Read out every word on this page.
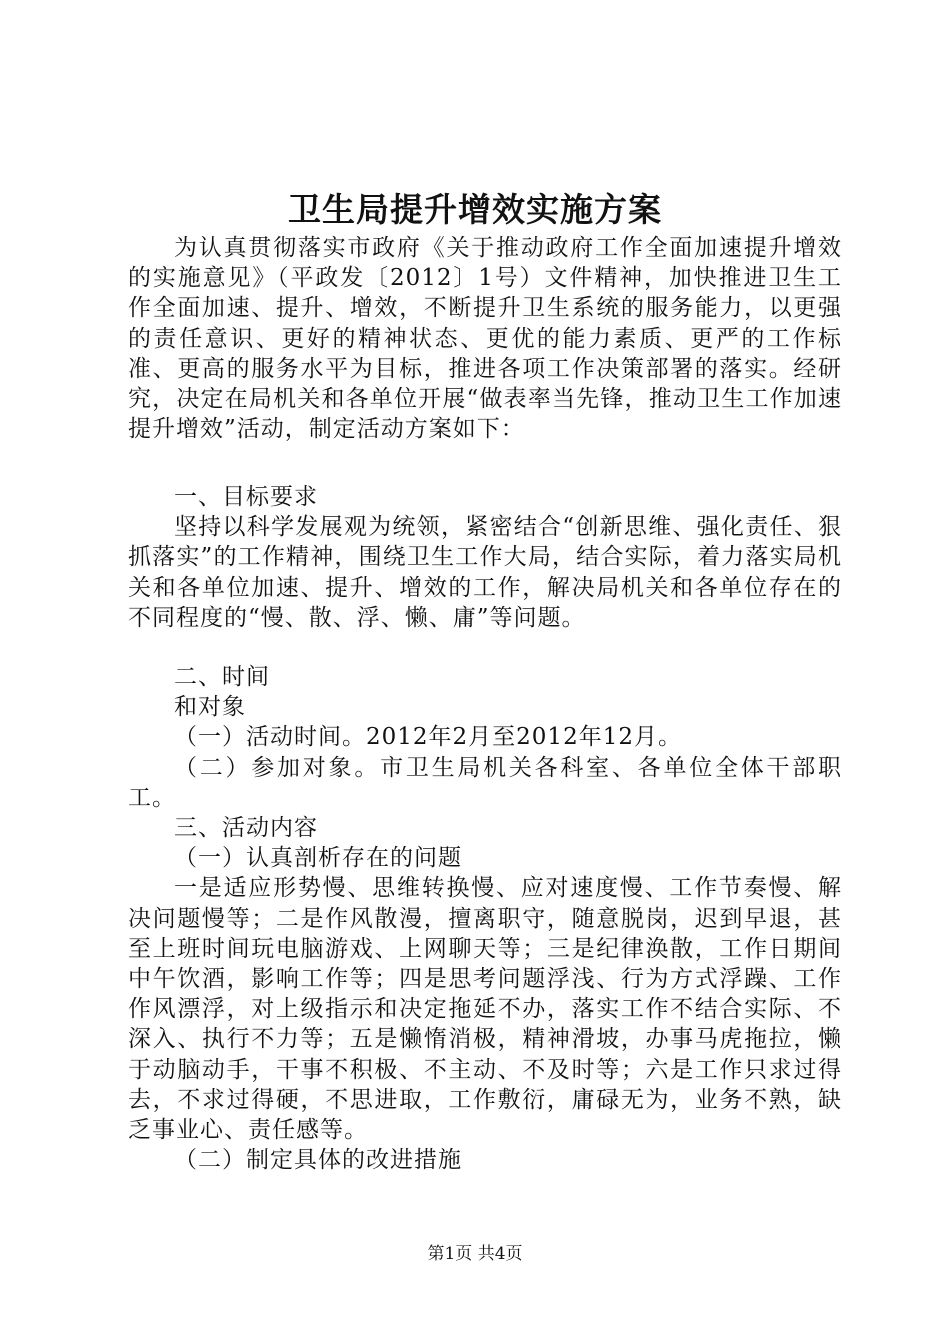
卫生局提升增效实施方案

为认真贯彻落实市政府《关于推动政府工作全面加速提升增效的实施意见》（平政发〔2012〕1号）文件精神，加快推进卫生工作全面加速、提升、增效，不断提升卫生系统的服务能力，以更强的责任意识、更好的精神状态、更优的能力素质、更严的工作标准、更高的服务水平为目标，推进各项工作决策部署的落实。经研究，决定在局机关和各单位开展“做表率当先锋，推动卫生工作加速提升增效”活动，制定活动方案如下：

一、目标要求

坚持以科学发展观为统领，紧密结合“创新思维、强化责任、狠抓落实”的工作精神，围绕卫生工作大局，结合实际，着力落实局机关和各单位加速、提升、增效的工作，解决局机关和各单位存在的不同程度的“慢、散、浮、懒、庸”等问题。

二、时间

和对象

（一）活动时间。2012年2月至2012年12月。

（二）参加对象。市卫生局机关各科室、各单位全体干部职工。

三、活动内容

（一）认真剖析存在的问题

一是适应形势慢、思维转换慢、应对速度慢、工作节奏慢、解决问题慢等；二是作风散漫，擅离职守，随意脱岗，迟到早退，甚至上班时间玩电脑游戏、上网聊天等；三是纪律涣散，工作日期间中午饮酒，影响工作等；四是思考问题浮浅、行为方式浮躁、工作作风漂浮，对上级指示和决定拖延不办，落实工作不结合实际、不深入、执行不力等；五是懒惰消极，精神滑坡，办事马虎拖拉，懒于动脑动手，干事不积极、不主动、不及时等；六是工作只求过得去，不求过得硬，不思进取，工作敷衍，庸碌无为，业务不熟，缺乏事业心、责任感等。

（二）制定具体的改进措施

第1页 共4页
